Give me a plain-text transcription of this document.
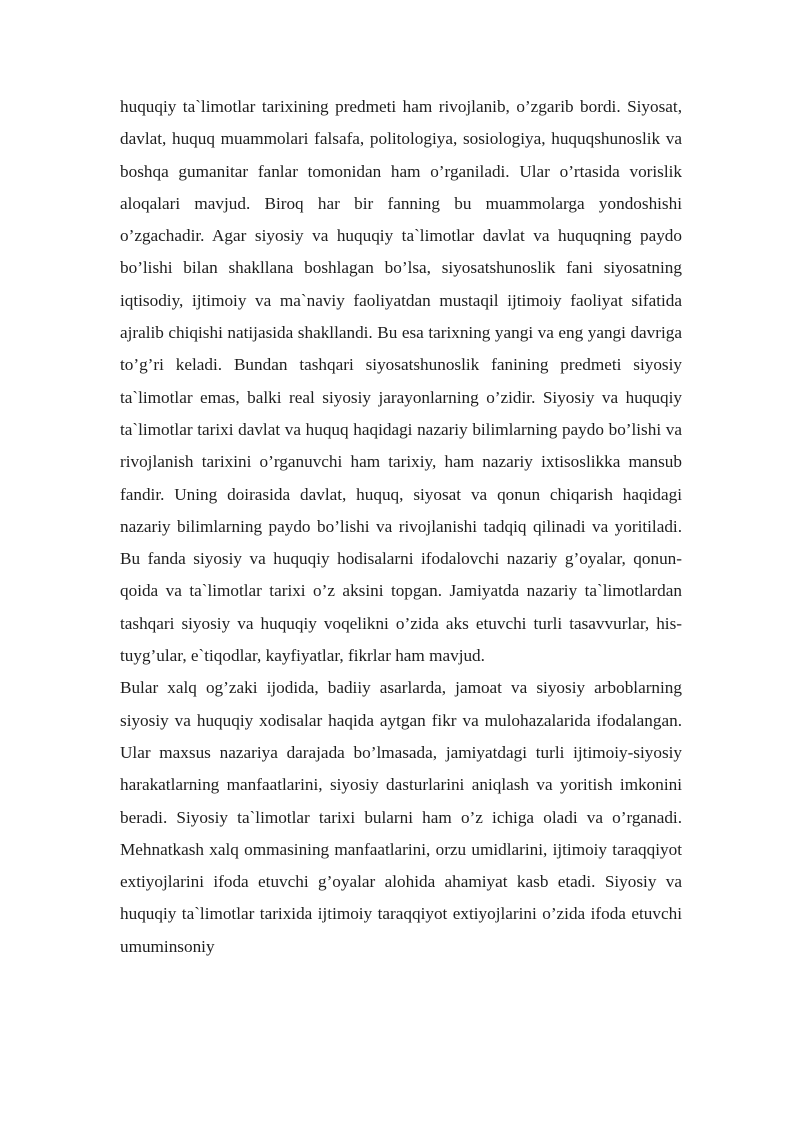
huquqiy ta`limotlar tarixining predmeti ham rivojlanib, o’zgarib bordi. Siyosat, davlat, huquq muammolari falsafa, politologiya, sosiologiya, huquqshunoslik va boshqa gumanitar fanlar tomonidan ham o’rganiladi. Ular o’rtasida vorislik aloqalari mavjud. Biroq har bir fanning bu muammolarga yondoshishi o’zgachadir. Agar siyosiy va huquqiy ta`limotlar davlat va huquqning paydo bo’lishi bilan shakllana boshlagan bo’lsa, siyosatshunoslik fani siyosatning iqtisodiy, ijtimoiy va ma`naviy faoliyatdan mustaqil ijtimoiy faoliyat sifatida ajralib chiqishi natijasida shakllandi. Bu esa tarixning yangi va eng yangi davriga to’g’ri keladi. Bundan tashqari siyosatshunoslik fanining predmeti siyosiy ta`limotlar emas, balki real siyosiy jarayonlarning o’zidir. Siyosiy va huquqiy ta`limotlar tarixi davlat va huquq haqidagi nazariy bilimlarning paydo bo’lishi va rivojlanish tarixini o’rganuvchi ham tarixiy, ham nazariy ixtisoslikka mansub fandir. Uning doirasida davlat, huquq, siyosat va qonun chiqarish haqidagi nazariy bilimlarning paydo bo’lishi va rivojlanishi tadqiq qilinadi va yoritiladi. Bu fanda siyosiy va huquqiy hodisalarni ifodalovchi nazariy g’oyalar, qonun-qoida va ta`limotlar tarixi o’z aksini topgan. Jamiyatda nazariy ta`limotlardan tashqari siyosiy va huquqiy voqelikni o’zida aks etuvchi turli tasavvurlar, his-tuyg’ular, e`tiqodlar, kayfiyatlar, fikrlar ham mavjud.

Bular xalq og’zaki ijodida, badiiy asarlarda, jamoat va siyosiy arboblarning siyosiy va huquqiy xodisalar haqida aytgan fikr va mulohazalarida ifodalangan. Ular maxsus nazariya darajada bo’lmasada, jamiyatdagi turli ijtimoiy-siyosiy harakatlarning manfaatlarini, siyosiy dasturlarini aniqlash va yoritish imkonini beradi. Siyosiy ta`limotlar tarixi bularni ham o’z ichiga oladi va o’rganadi. Mehnatkash xalq ommasining manfaatlarini, orzu umidlarini, ijtimoiy taraqqiyot extiyojlarini ifoda etuvchi g’oyalar alohida ahamiyat kasb etadi. Siyosiy va huquqiy ta`limotlar tarixida ijtimoiy taraqqiyot extiyojlarini o’zida ifoda etuvchi umuminsoniy
